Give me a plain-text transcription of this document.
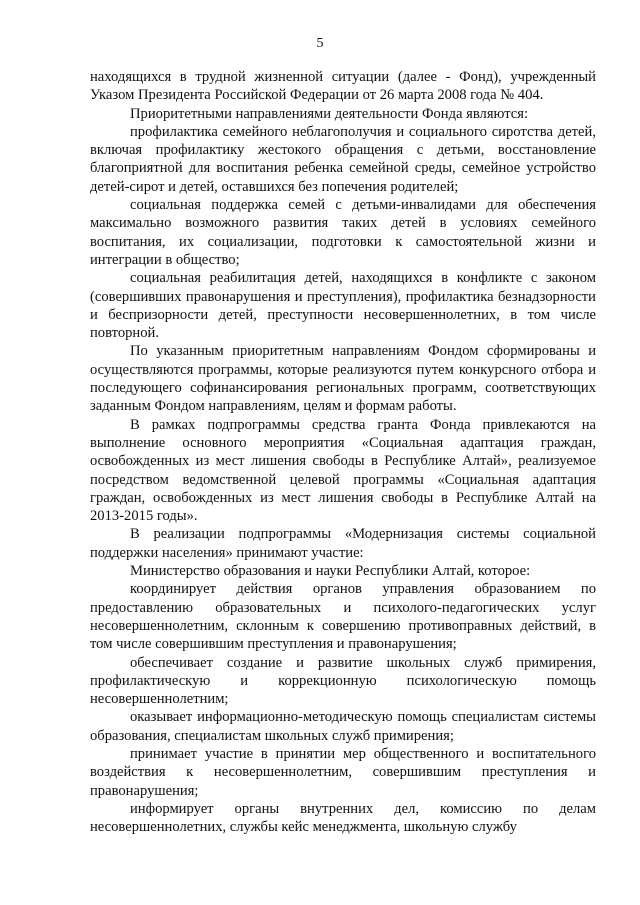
5

находящихся в трудной жизненной ситуации (далее - Фонд), учрежденный Указом Президента Российской Федерации от 26 марта 2008 года № 404.

Приоритетными направлениями деятельности Фонда являются:

профилактика семейного неблагополучия и социального сиротства детей, включая профилактику жестокого обращения с детьми, восстановление благоприятной для воспитания ребенка семейной среды, семейное устройство детей-сирот и детей, оставшихся без попечения родителей;

социальная поддержка семей с детьми-инвалидами для обеспечения максимально возможного развития таких детей в условиях семейного воспитания, их социализации, подготовки к самостоятельной жизни и интеграции в общество;

социальная реабилитация детей, находящихся в конфликте с законом (совершивших правонарушения и преступления), профилактика безнадзорности и беспризорности детей, преступности несовершеннолетних, в том числе повторной.

По указанным приоритетным направлениям Фондом сформированы и осуществляются программы, которые реализуются путем конкурсного отбора и последующего софинансирования региональных программ, соответствующих заданным Фондом направлениям, целям и формам работы.

В рамках подпрограммы средства гранта Фонда привлекаются на выполнение основного мероприятия «Социальная адаптация граждан, освобожденных из мест лишения свободы в Республике Алтай», реализуемое посредством ведомственной целевой программы «Социальная адаптация граждан, освобожденных из мест лишения свободы в Республике Алтай на 2013-2015 годы».

В реализации подпрограммы «Модернизация системы социальной поддержки населения» принимают участие:

Министерство образования и науки Республики Алтай, которое:

координирует действия органов управления образованием по предоставлению образовательных и психолого-педагогических услуг несовершеннолетним, склонным к совершению противоправных действий, в том числе совершившим преступления и правонарушения;

обеспечивает создание и развитие школьных служб примирения, профилактическую и коррекционную психологическую помощь несовершеннолетним;

оказывает информационно-методическую помощь специалистам системы образования, специалистам школьных служб примирения;

принимает участие в принятии мер общественного и воспитательного воздействия к несовершеннолетним, совершившим преступления и правонарушения;

информирует органы внутренних дел, комиссию по делам несовершеннолетних, службы кейс менеджмента, школьную службу
